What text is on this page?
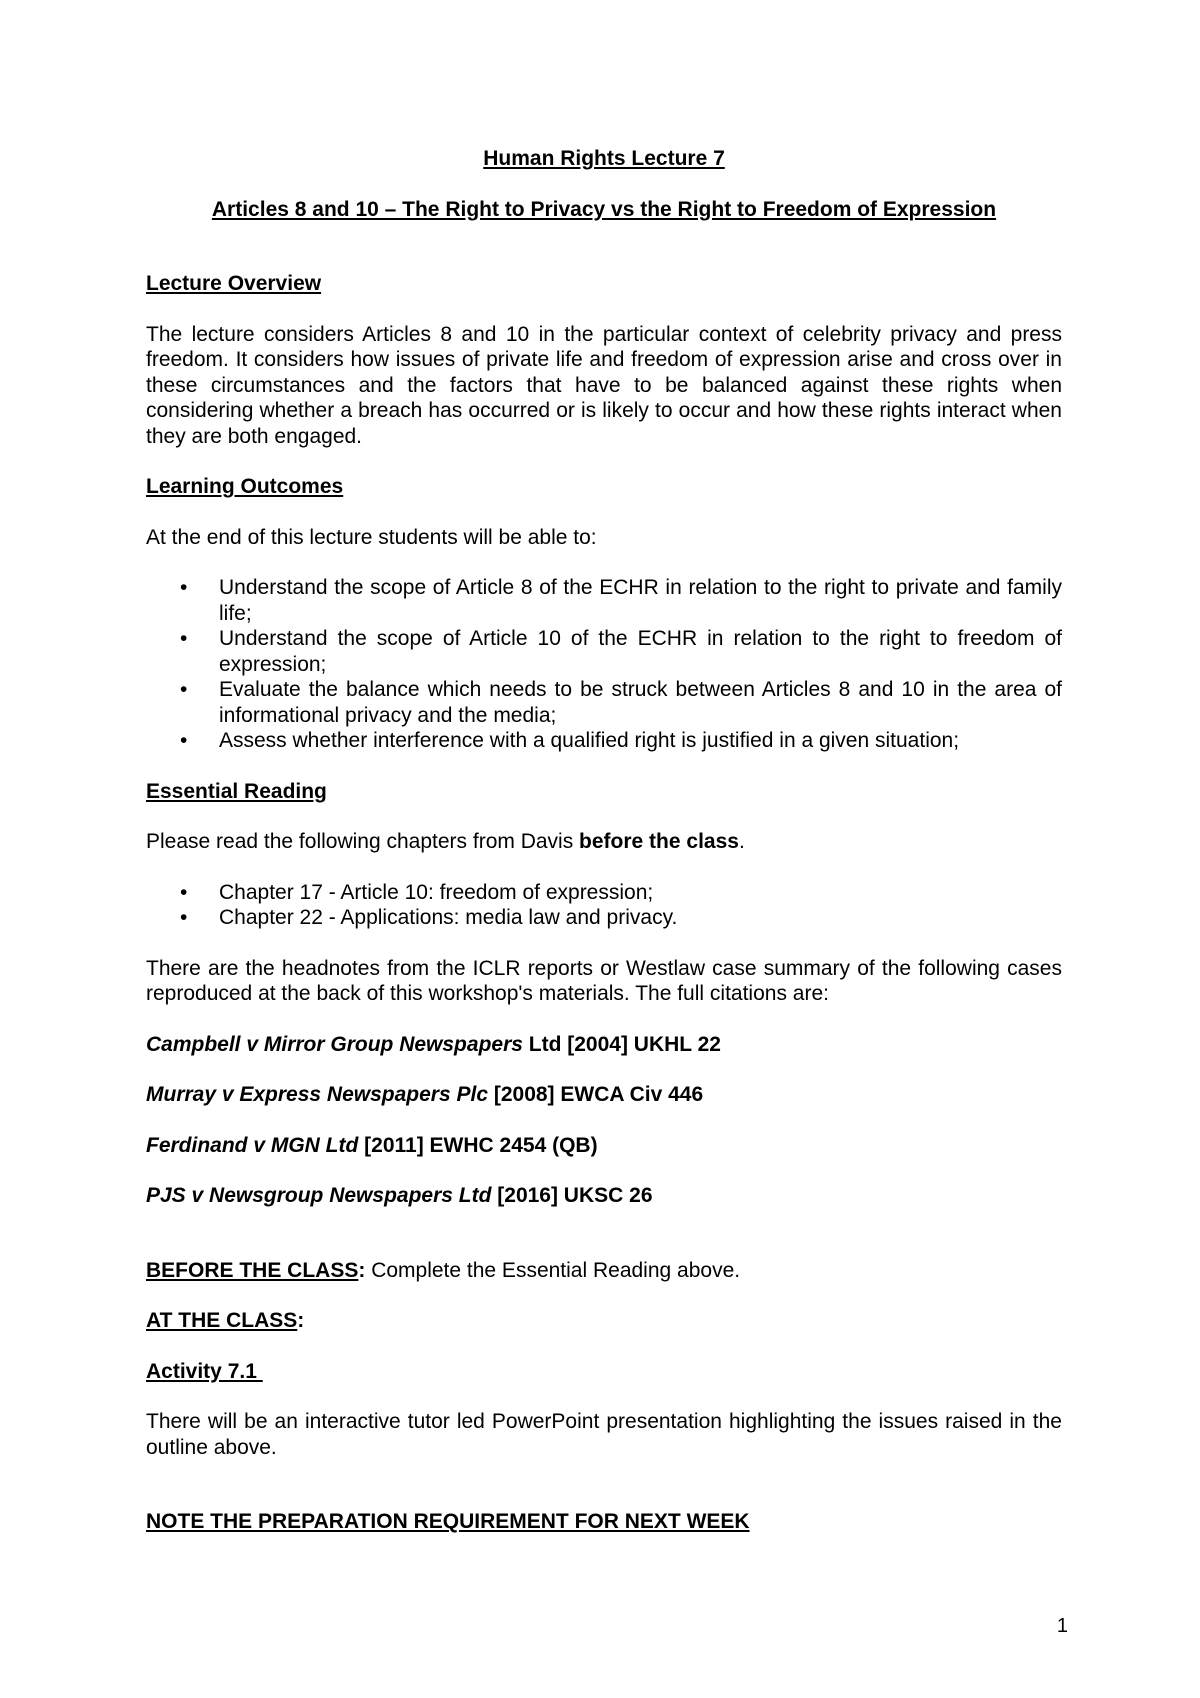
Human Rights Lecture 7

Articles 8 and 10 – The Right to Privacy vs the Right to Freedom of Expression

Lecture Overview

The lecture considers Articles 8 and 10 in the particular context of celebrity privacy and press freedom. It considers how issues of private life and freedom of expression arise and cross over in these circumstances and the factors that have to be balanced against these rights when considering whether a breach has occurred or is likely to occur and how these rights interact when they are both engaged.

Learning Outcomes

At the end of this lecture students will be able to:

• Understand the scope of Article 8 of the ECHR in relation to the right to private and family life;
• Understand the scope of Article 10 of the ECHR in relation to the right to freedom of expression;
• Evaluate the balance which needs to be struck between Articles 8 and 10 in the area of informational privacy and the media;
• Assess whether interference with a qualified right is justified in a given situation;

Essential Reading

Please read the following chapters from Davis before the class.

• Chapter 17 - Article 10: freedom of expression;
• Chapter 22 - Applications: media law and privacy.

There are the headnotes from the ICLR reports or Westlaw case summary of the following cases reproduced at the back of this workshop's materials. The full citations are:

Campbell v Mirror Group Newspapers Ltd [2004] UKHL 22

Murray v Express Newspapers Plc [2008] EWCA Civ 446

Ferdinand v MGN Ltd [2011] EWHC 2454 (QB)

PJS v Newsgroup Newspapers Ltd [2016] UKSC 26

BEFORE THE CLASS: Complete the Essential Reading above.

AT THE CLASS:

Activity 7.1

There will be an interactive tutor led PowerPoint presentation highlighting the issues raised in the outline above.

NOTE THE PREPARATION REQUIREMENT FOR NEXT WEEK

1
